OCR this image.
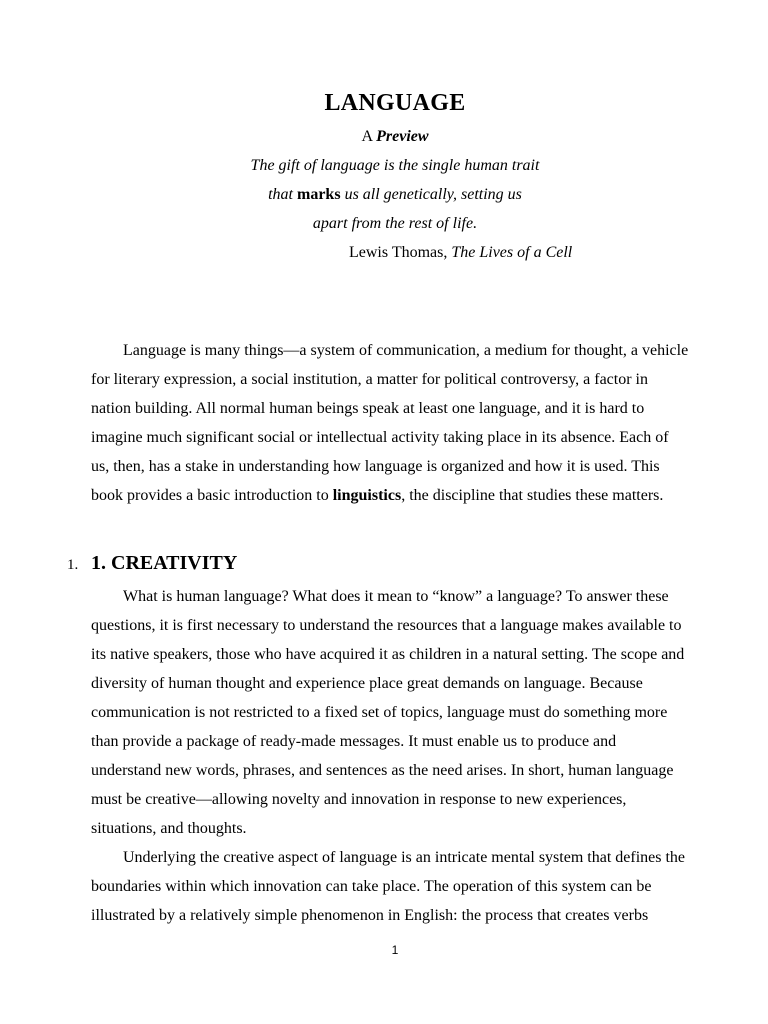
LANGUAGE
A Preview
The gift of language is the single human trait
that marks us all genetically, setting us
apart from the rest of life.
Lewis Thomas, The Lives of a Cell
Language is many things—a system of communication, a medium for thought, a vehicle
for literary expression, a social institution, a matter for political controversy, a factor in
nation building. All normal human beings speak at least one language, and it is hard to
imagine much significant social or intellectual activity taking place in its absence. Each of
us, then, has a stake in understanding how language is organized and how it is used. This
book provides a basic introduction to linguistics, the discipline that studies these matters.
1. 1. CREATIVITY
What is human language? What does it mean to “know” a language? To answer these
questions, it is first necessary to understand the resources that a language makes available to
its native speakers, those who have acquired it as children in a natural setting. The scope and
diversity of human thought and experience place great demands on language. Because
communication is not restricted to a fixed set of topics, language must do something more
than provide a package of ready-made messages. It must enable us to produce and
understand new words, phrases, and sentences as the need arises. In short, human language
must be creative—allowing novelty and innovation in response to new experiences,
situations, and thoughts.
Underlying the creative aspect of language is an intricate mental system that defines the
boundaries within which innovation can take place. The operation of this system can be
illustrated by a relatively simple phenomenon in English: the process that creates verbs
1
